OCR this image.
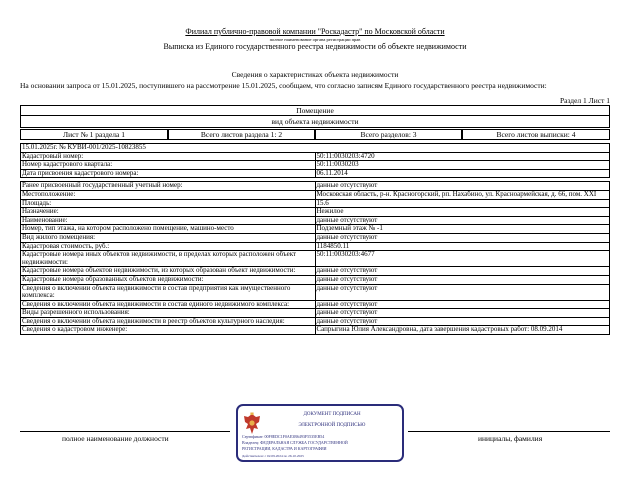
Филиал публично-правовой компании "Роскадастр" по Московской области
полное наименование органа регистрации прав
Выписка из Единого государственного реестра недвижимости об объекте недвижимости
Сведения о характеристиках объекта недвижимости
На основании запроса от 15.01.2025, поступившего на рассмотрение 15.01.2025, сообщаем, что согласно записям Единого государственного реестра недвижимости:
Раздел 1 Лист 1
Помещение
вид объекта недвижимости
Лист № 1 раздела 1	Всего листов раздела 1: 2	Всего разделов: 3	Всего листов выписки: 4
15.01.2025г. № КУВИ-001/2025-10823855	
Кадастровый номер:	50:11:0030203:4720
Номер кадастрового квартала:	50:11:0030203
Дата присвоения кадастрового номера:	06.11.2014

Ранее присвоенный государственный учетный номер:	данные отсутствуют
Местоположение:	Московская область, р-н. Красногорский, рп. Нахабино, ул. Красноармейская, д. 66, пом. XXI
Площадь:	15.6
Назначение:	Нежилое
Наименование:	данные отсутствуют
Номер, тип этажа, на котором расположено помещение, машино-место	Подземный этаж № -1
Вид жилого помещения:	данные отсутствуют
Кадастровая стоимость, руб.:	1184850.11
Кадастровые номера иных объектов недвижимости, в пределах которых расположен объект недвижимости:	50:11:0030203:4677
Кадастровые номера объектов недвижимости, из которых образован объект недвижимости:	данные отсутствуют
Кадастровые номера образованных объектов недвижимости:	данные отсутствуют
Сведения о включении объекта недвижимости в состав предприятия как имущественного комплекса:	данные отсутствуют
Сведения о включении объекта недвижимости в состав единого недвижимого комплекса:	данные отсутствуют
Виды разрешенного использования:	данные отсутствуют
Сведения о включении объекта недвижимости в реестр объектов культурного наследия:	данные отсутствуют
Сведения о кадастровом инженере:	Сапрыгина Юлия Александровна, дата завершения кадастровых работ: 08.09.2014
ДОКУМЕНТ ПОДПИСАН
ЭЛЕКТРОННОЙ ПОДПИСЬЮ
Сертификат: 00F8EDC1F0AE3B6493F5535EB54
Владелец: ФЕДЕРАЛЬНАЯ СЛУЖБА ГОСУДАРСТВЕННОЙ
РЕГИСТРАЦИИ, КАДАСТРА И КАРТОГРАФИИ
Действителен: с 02.09.2024 по 26.10.2025
полное наименование должности	инициалы, фамилия
